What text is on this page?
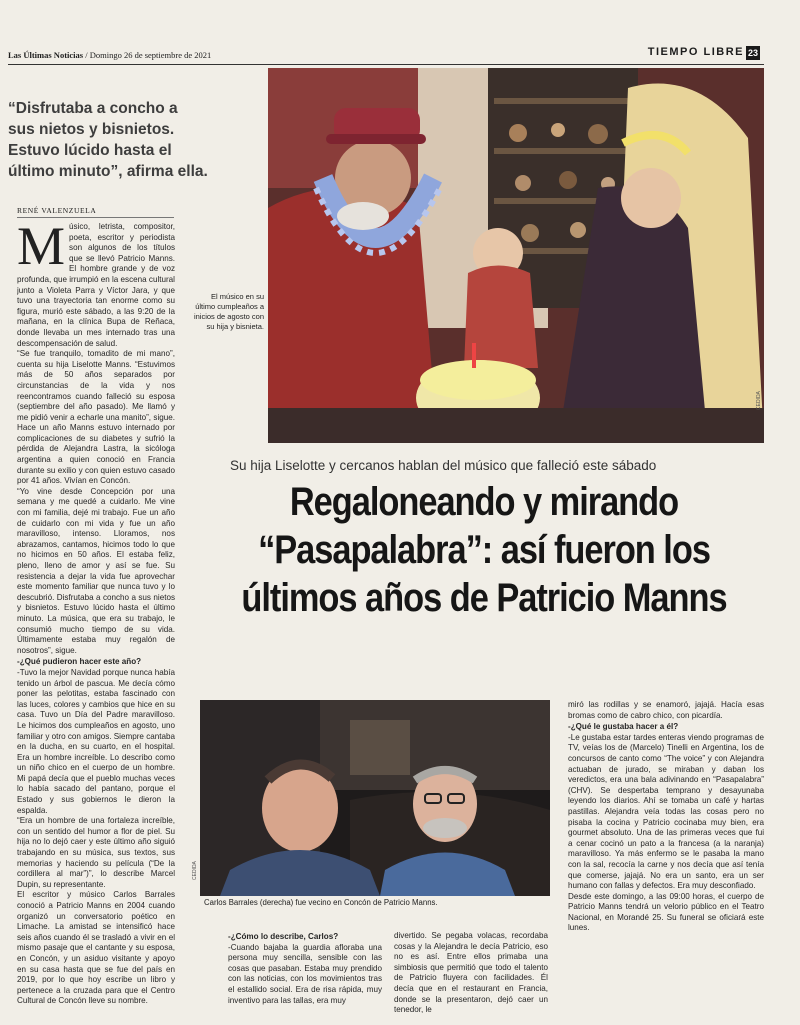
Las Últimas Noticias / Domingo 26 de septiembre de 2021	TIEMPO LIBRE 23
“Disfrutaba a concho a sus nietos y bisnietos. Estuvo lúcido hasta el último minuto”, afirma ella.
RENÉ VALENZUELA
El músico en su último cumpleaños a inicios de agosto con su hija y bisnieta.
CEDIDA
Su hija Liselotte y cercanos hablan del músico que falleció este sábado
Regaloneando y mirando “Pasapalabra”: así fueron los últimos años de Patricio Manns
CEDIDA
Carlos Barrales (derecha) fue vecino en Concón de Patricio Manns.
M úsico, letrista, compositor, poeta, escritor y periodista son algunos de los títulos que se llevó Patricio Manns. El hombre grande y de voz profunda, que irrumpió en la escena cultural junto a Violeta Parra y Víctor Jara, y que tuvo una trayectoria tan enorme como su figura, murió este sábado, a las 9:20 de la mañana, en la clínica Bupa de Reñaca, donde llevaba un mes internado tras una descompensación de salud.

“Se fue tranquilo, tomadito de mi mano”, cuenta su hija Liselotte Manns. “Estuvimos más de 50 años separados por circunstancias de la vida y nos reencontramos cuando falleció su esposa (septiembre del año pasado). Me llamó y me pidió venir a echarle una manito”, sigue. Hace un año Manns estuvo internado por complicaciones de su diabetes y sufrió la pérdida de Alejandra Lastra, la sicóloga argentina a quien conoció en Francia durante su exilio y con quien estuvo casado por 41 años. Vivían en Concón.

“Yo vine desde Concepción por una semana y me quedé a cuidarlo. Me vine con mi familia, dejé mi trabajo. Fue un año de cuidarlo con mi vida y fue un año maravilloso, intenso. Lloramos, nos abrazamos, cantamos, hicimos todo lo que no hicimos en 50 años. El estaba feliz, pleno, lleno de amor y así se fue. Su resistencia a dejar la vida fue aprovechar este momento familiar que nunca tuvo y lo descubrió. Disfrutaba a concho a sus nietos y bisnietos. Estuvo lúcido hasta el último minuto. La música, que era su trabajo, le consumió mucho tiempo de su vida. Últimamente estaba muy regalón de nosotros”, sigue.

-¿Qué pudieron hacer este año?

-Tuvo la mejor Navidad porque nunca había tenido un árbol de pascua. Me decía cómo poner las pelotitas, estaba fascinado con las luces, colores y cambios que hice en su casa. Tuvo un Día del Padre maravilloso. Le hicimos dos cumpleaños en agosto, uno familiar y otro con amigos. Siempre cantaba en la ducha, en su cuarto, en el hospital. Era un hombre increíble. Lo describo como un niño chico en el cuerpo de un hombre. Mi papá decía que el pueblo muchas veces lo había sacado del pantano, porque el Estado y sus gobiernos le dieron la espalda.

“Era un hombre de una fortaleza increíble, con un sentido del humor a flor de piel. Su hija no lo dejó caer y este último año siguió trabajando en su música, sus textos, sus memorias y haciendo su película (“De la cordillera al mar”)”, lo describe Marcel Dupin, su representante.

El escritor y músico Carlos Barrales conoció a Patricio Manns en 2004 cuando organizó un conversatorio poético en Limache. La amistad se intensificó hace seis años cuando él se trasladó a vivir en el mismo pasaje que el cantante y su esposa, en Concón, y un asiduo visitante y apoyo en su casa hasta que se fue del país en 2019, por lo que hoy escribe un libro y pertenece a la cruzada para que el Centro Cultural de Concón lleve su nombre.

-¿Cómo lo describe, Carlos?

-Cuando bajaba la guardia afloraba una persona muy sencilla, sensible con las cosas que pasaban. Estaba muy prendido con las noticias, con los movimientos tras el estallido social. Era de risa rápida, muy inventivo para las tallas, era muy

divertido. Se pegaba volacas, recordaba cosas y la Alejandra le decía Patricio, eso no es así. Entre ellos primaba una simbiosis que permitió que todo el talento de Patricio fluyera con facilidades. Él decía que en el restaurant en Francia, donde se la presentaron, dejó caer un tenedor, le

miró las rodillas y se enamoró, jajajá. Hacía esas bromas como de cabro chico, con picardía.

-¿Qué le gustaba hacer a él?

-Le gustaba estar tardes enteras viendo programas de TV, veías los de (Marcelo) Tinelli en Argentina, los de concursos de canto como “The voice” y con Alejandra actuaban de jurado, se miraban y daban los veredictos, era una bala adivinando en “Pasapalabra” (CHV). Se despertaba temprano y desayunaba leyendo los diarios. Ahí se tomaba un café y hartas pastillas. Alejandra veía todas las cosas pero no pisaba la cocina y Patricio cocinaba muy bien, era gourmet absoluto. Una de las primeras veces que fui a cenar cocinó un pato a la francesa (a la naranja) maravilloso. Ya más enfermo se le pasaba la mano con la sal, recocía la carne y nos decía que así tenía que comerse, jajajá. No era un santo, era un ser humano con fallas y defectos. Era muy desconfiado.

Desde este domingo, a las 09:00 horas, el cuerpo de Patricio Manns tendrá un velorio público en el Teatro Nacional, en Morandé 25. Su funeral se oficiará este lunes.
